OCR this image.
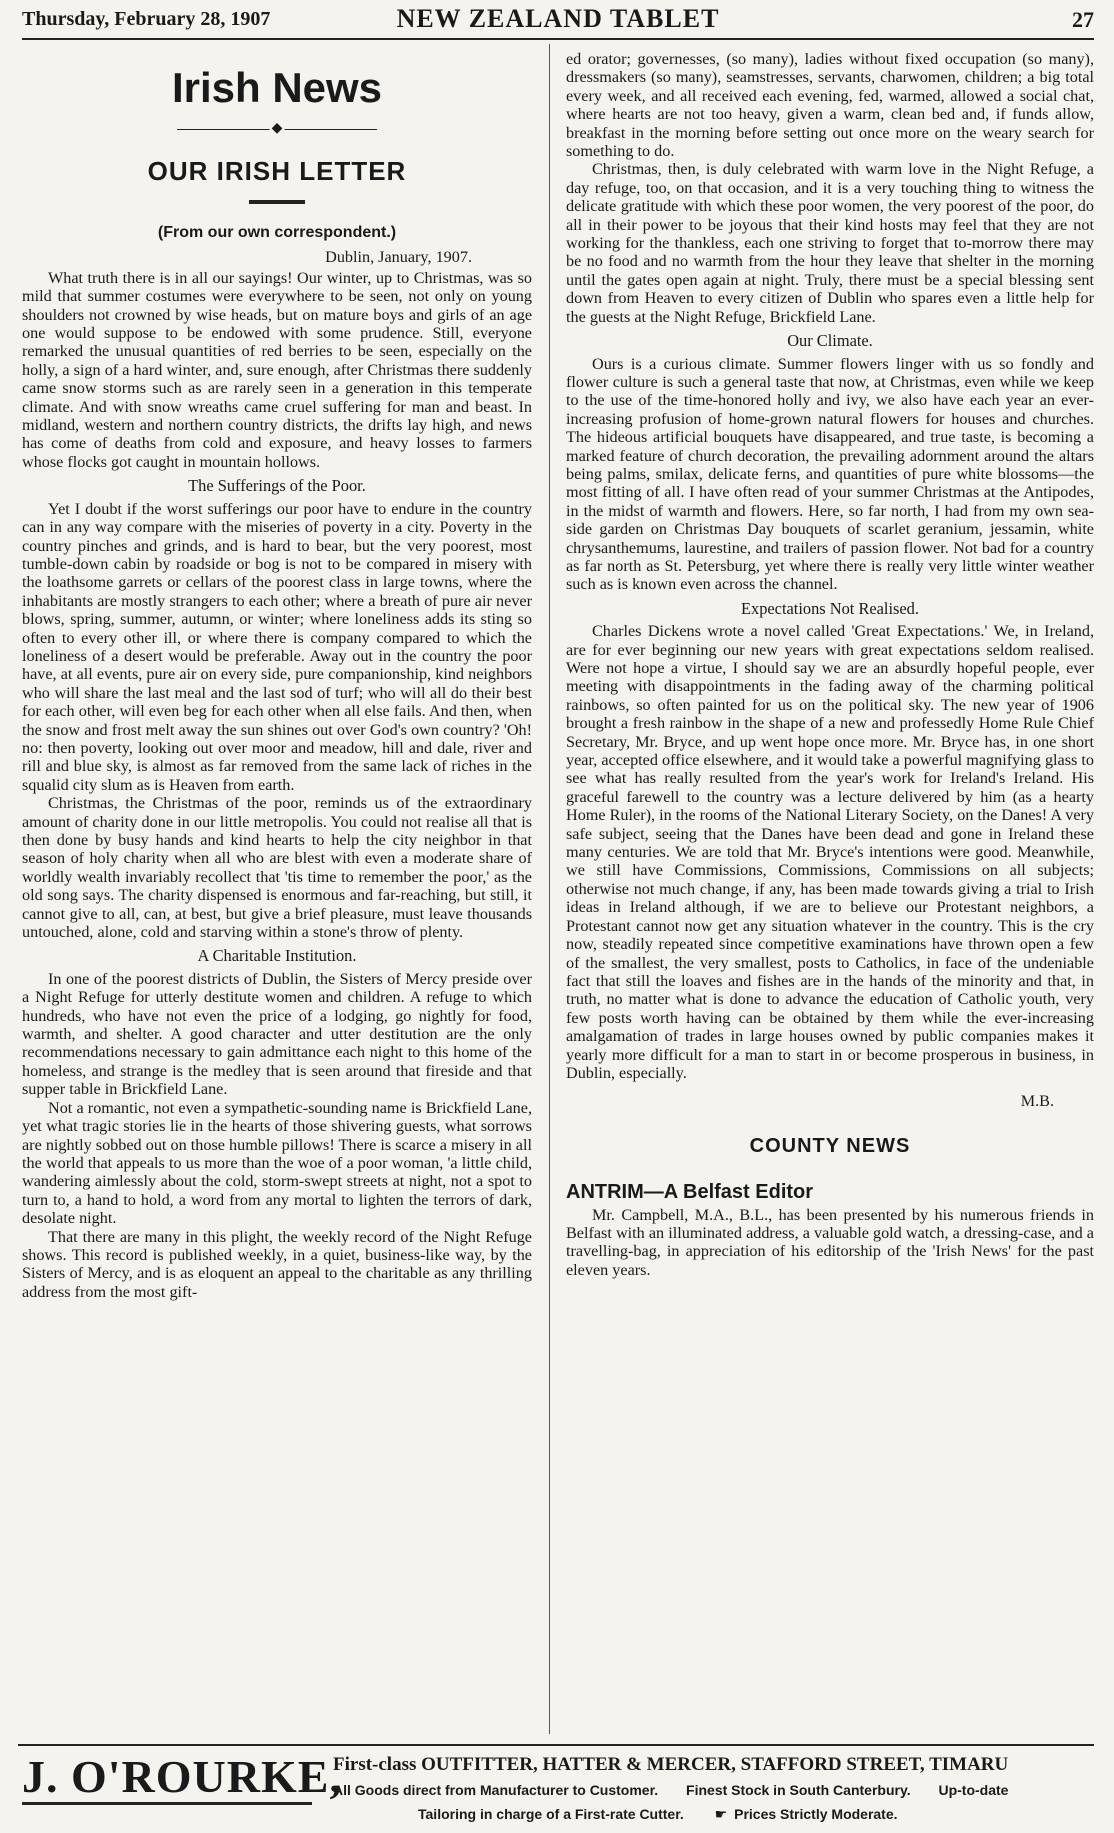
Thursday, February 28, 1907	NEW ZEALAND TABLET	27
Irish News
◆
OUR IRISH LETTER
(From our own correspondent.)
Dublin, January, 1907.

What truth there is in all our sayings! Our winter, up to Christmas, was so mild that summer costumes were everywhere to be seen, not only on young shoulders not crowned by wise heads, but on mature boys and girls of an age one would suppose to be endowed with some prudence. Still, everyone remarked the unusual quantities of red berries to be seen, especially on the holly, a sign of a hard winter, and, sure enough, after Christmas there suddenly came snow storms such as are rarely seen in a generation in this temperate climate. And with snow wreaths came cruel suffering for man and beast. In midland, western and northern country districts, the drifts lay high, and news has come of deaths from cold and exposure, and heavy losses to farmers whose flocks got caught in mountain hollows.

The Sufferings of the Poor.

Yet I doubt if the worst sufferings our poor have to endure in the country can in any way compare with the miseries of poverty in a city. Poverty in the country pinches and grinds, and is hard to bear, but the very poorest, most tumble-down cabin by roadside or bog is not to be compared in misery with the loathsome garrets or cellars of the poorest class in large towns, where the inhabitants are mostly strangers to each other; where a breath of pure air never blows, spring, summer, autumn, or winter; where loneliness adds its sting so often to every other ill, or where there is company compared to which the loneliness of a desert would be preferable. Away out in the country the poor have, at all events, pure air on every side, pure companionship, kind neighbors who will share the last meal and the last sod of turf; who will all do their best for each other, will even beg for each other when all else fails. And then, when the snow and frost melt away the sun shines out over God's own country? 'Oh! no: then poverty, looking out over moor and meadow, hill and dale, river and rill and blue sky, is almost as far removed from the same lack of riches in the squalid city slum as is Heaven from earth.

Christmas, the Christmas of the poor, reminds us of the extraordinary amount of charity done in our little metropolis. You could not realise all that is then done by busy hands and kind hearts to help the city neighbor in that season of holy charity when all who are blest with even a moderate share of worldly wealth invariably recollect that 'tis time to remember the poor,' as the old song says. The charity dispensed is enormous and far-reaching, but still, it cannot give to all, can, at best, but give a brief pleasure, must leave thousands untouched, alone, cold and starving within a stone's throw of plenty.

A Charitable Institution.

In one of the poorest districts of Dublin, the Sisters of Mercy preside over a Night Refuge for utterly destitute women and children. A refuge to which hundreds, who have not even the price of a lodging, go nightly for food, warmth, and shelter. A good character and utter destitution are the only recommendations necessary to gain admittance each night to this home of the homeless, and strange is the medley that is seen around that fireside and that supper table in Brickfield Lane.

Not a romantic, not even a sympathetic-sounding name is Brickfield Lane, yet what tragic stories lie in the hearts of those shivering guests, what sorrows are nightly sobbed out on those humble pillows! There is scarce a misery in all the world that appeals to us more than the woe of a poor woman, 'a little child, wandering aimlessly about the cold, storm-swept streets at night, not a spot to turn to, a hand to hold, a word from any mortal to lighten the terrors of dark, desolate night.

That there are many in this plight, the weekly record of the Night Refuge shows. This record is published weekly, in a quiet, business-like way, by the Sisters of Mercy, and is as eloquent an appeal to the charitable as any thrilling address from the most gift-

ed orator; governesses, (so many), ladies without fixed occupation (so many), dressmakers (so many), seamstresses, servants, charwomen, children; a big total every week, and all received each evening, fed, warmed, allowed a social chat, where hearts are not too heavy, given a warm, clean bed and, if funds allow, breakfast in the morning before setting out once more on the weary search for something to do.

Christmas, then, is duly celebrated with warm love in the Night Refuge, a day refuge, too, on that occasion, and it is a very touching thing to witness the delicate gratitude with which these poor women, the very poorest of the poor, do all in their power to be joyous that their kind hosts may feel that they are not working for the thankless, each one striving to forget that to-morrow there may be no food and no warmth from the hour they leave that shelter in the morning until the gates open again at night. Truly, there must be a special blessing sent down from Heaven to every citizen of Dublin who spares even a little help for the guests at the Night Refuge, Brickfield Lane.

Our Climate.

Ours is a curious climate. Summer flowers linger with us so fondly and flower culture is such a general taste that now, at Christmas, even while we keep to the use of the time-honored holly and ivy, we also have each year an ever-increasing profusion of home-grown natural flowers for houses and churches. The hideous artificial bouquets have disappeared, and true taste, is becoming a marked feature of church decoration, the prevailing adornment around the altars being palms, smilax, delicate ferns, and quantities of pure white blossoms—the most fitting of all. I have often read of your summer Christmas at the Antipodes, in the midst of warmth and flowers. Here, so far north, I had from my own sea-side garden on Christmas Day bouquets of scarlet geranium, jessamin, white chrysanthemums, laurestine, and trailers of passion flower. Not bad for a country as far north as St. Petersburg, yet where there is really very little winter weather such as is known even across the channel.

Expectations Not Realised.

Charles Dickens wrote a novel called 'Great Expectations.' We, in Ireland, are for ever beginning our new years with great expectations seldom realised. Were not hope a virtue, I should say we are an absurdly hopeful people, ever meeting with disappointments in the fading away of the charming political rainbows, so often painted for us on the political sky. The new year of 1906 brought a fresh rainbow in the shape of a new and professedly Home Rule Chief Secretary, Mr. Bryce, and up went hope once more. Mr. Bryce has, in one short year, accepted office elsewhere, and it would take a powerful magnifying glass to see what has really resulted from the year's work for Ireland's Ireland. His graceful farewell to the country was a lecture delivered by him (as a hearty Home Ruler), in the rooms of the National Literary Society, on the Danes! A very safe subject, seeing that the Danes have been dead and gone in Ireland these many centuries. We are told that Mr. Bryce's intentions were good. Meanwhile, we still have Commissions, Commissions, Commissions on all subjects; otherwise not much change, if any, has been made towards giving a trial to Irish ideas in Ireland although, if we are to believe our Protestant neighbors, a Protestant cannot now get any situation whatever in the country. This is the cry now, steadily repeated since competitive examinations have thrown open a few of the smallest, the very smallest, posts to Catholics, in face of the undeniable fact that still the loaves and fishes are in the hands of the minority and that, in truth, no matter what is done to advance the education of Catholic youth, very few posts worth having can be obtained by them while the ever-increasing amalgamation of trades in large houses owned by public companies makes it yearly more difficult for a man to start in or become prosperous in business, in Dublin, especially.

M.B.
COUNTY NEWS
ANTRIM—A Belfast Editor

Mr. Campbell, M.A., B.L., has been presented by his numerous friends in Belfast with an illuminated address, a valuable gold watch, a dressing-case, and a travelling-bag, in appreciation of his editorship of the 'Irish News' for the past eleven years.

J. O'ROURKE,
First-class OUTFITTER, HATTER & MERCER, STAFFORD STREET, TIMARU
All Goods direct from Manufacturer to Customer. Finest Stock in South Canterbury. Up-to-date
Tailoring in charge of a First-rate Cutter. ☛ Prices Strictly Moderate.
